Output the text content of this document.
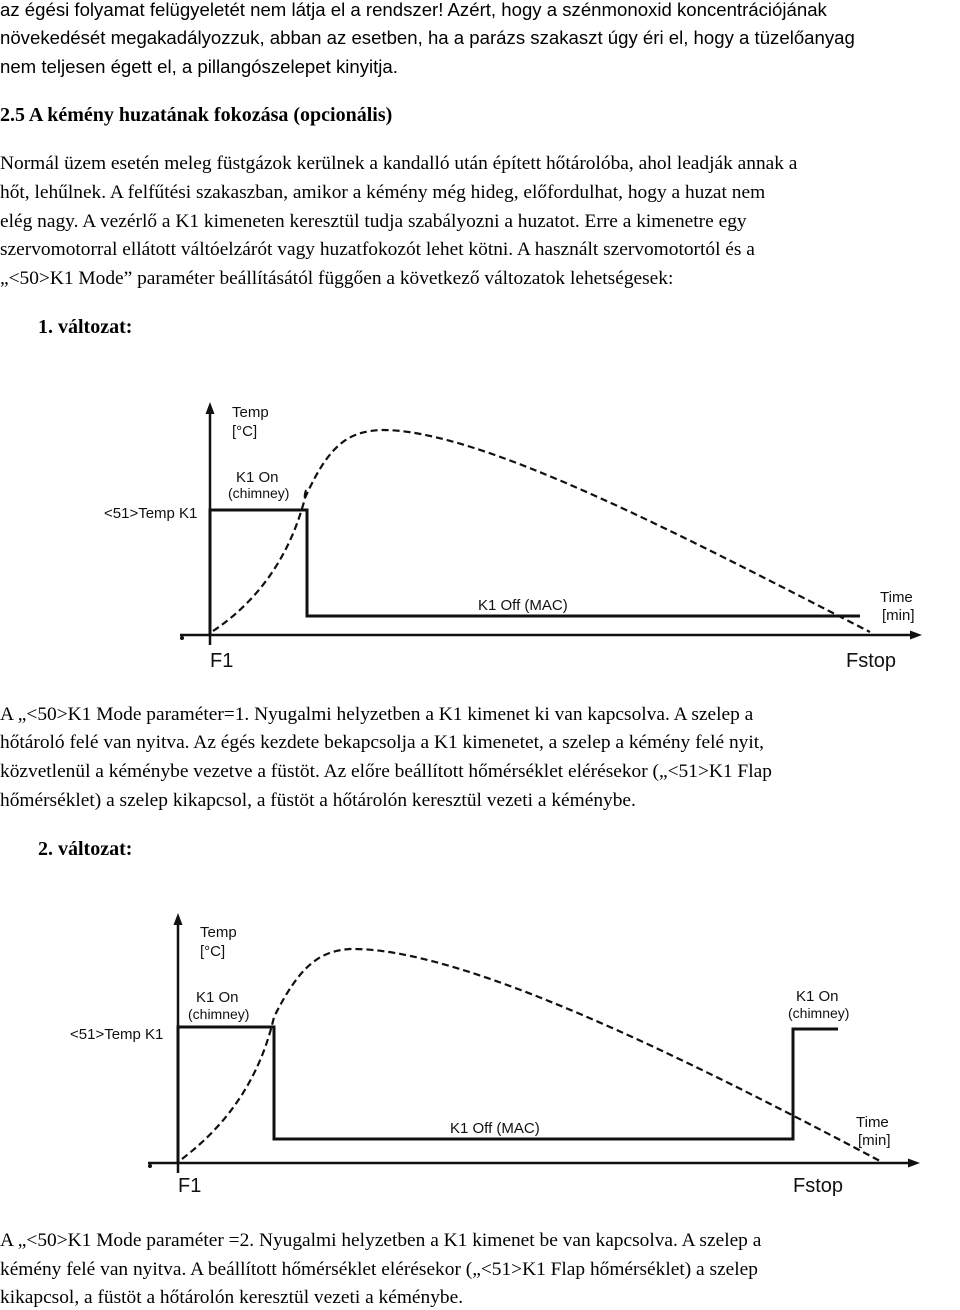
az égési folyamat felügyeletét nem látja el a rendszer! Azért, hogy a szénmonoxid koncentrációjának
növekedését megakadályozzuk, abban az esetben, ha a parázs szakaszt úgy éri el, hogy a tüzelőanyag
nem teljesen égett el, a pillangószelepet kinyitja.
2.5 A kémény huzatának fokozása (opcionális)
Normál üzem esetén meleg füstgázok kerülnek a kandalló után épített hőtárolóba, ahol leadják annak a
hőt, lehűlnek. A felfűtési szakaszban, amikor a kémény még hideg, előfordulhat, hogy a huzat nem
elég nagy. A vezérlő a K1 kimeneten keresztül tudja szabályozni a huzatot. Erre a kimenetre egy
szervomotorral ellátott váltóelzárót vagy huzatfokozót lehet kötni. A használt szervomotortól és a
„<50>K1 Mode” paraméter beállításától függően a következő változatok lehetségesek:
1. változat:
Temp
[°C]
K1 On
(chimney)
<51>Temp K1
K1 Off (MAC)	Time
[min]
F1	Fstop
A „<50>K1 Mode paraméter=1. Nyugalmi helyzetben a K1 kimenet ki van kapcsolva. A szelep a
hőtároló felé van nyitva. Az égés kezdete bekapcsolja a K1 kimenetet, a szelep a kémény felé nyit,
közvetlenül a kéménybe vezetve a füstöt. Az előre beállított hőmérséklet elérésekor („<51>K1 Flap
hőmérséklet) a szelep kikapcsol, a füstöt a hőtárolón keresztül vezeti a kéménybe.
2. változat:
Temp
[°C]
K1 On
(chimney)
<51>Temp K1
K1 On
(chimney)
K1 Off (MAC)	Time
[min]
F1	Fstop
A „<50>K1 Mode paraméter =2. Nyugalmi helyzetben a K1 kimenet be van kapcsolva. A szelep a
kémény felé van nyitva. A beállított hőmérséklet elérésekor („<51>K1 Flap hőmérséklet) a szelep
kikapcsol, a füstöt a hőtárolón keresztül vezeti a kéménybe.
